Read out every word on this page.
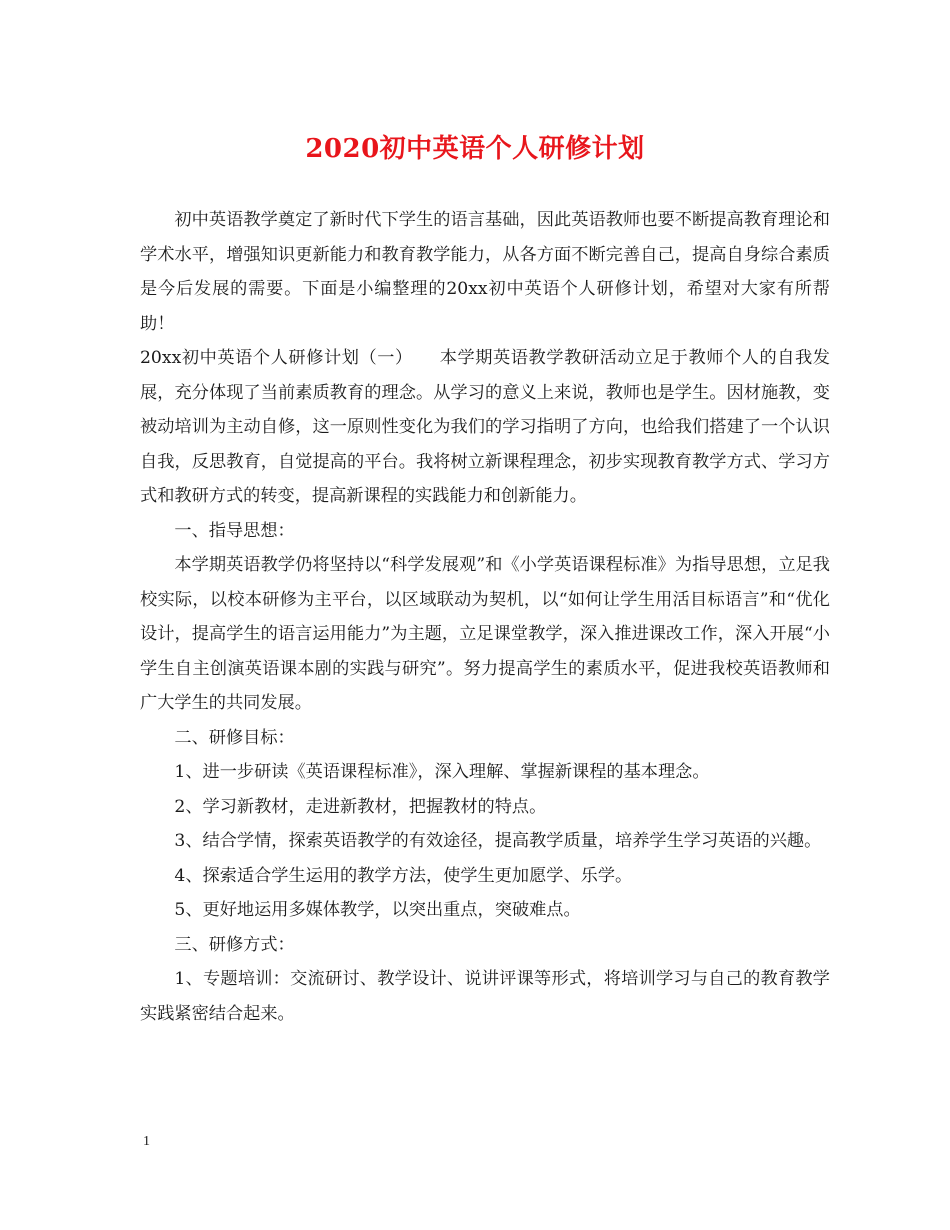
2020初中英语个人研修计划

初中英语教学奠定了新时代下学生的语言基础，因此英语教师也要不断提高教育理论和学术水平，增强知识更新能力和教育教学能力，从各方面不断完善自己，提高自身综合素质是今后发展的需要。下面是小编整理的20xx初中英语个人研修计划，希望对大家有所帮助！

20xx初中英语个人研修计划（一）　　本学期英语教学教研活动立足于教师个人的自我发展，充分体现了当前素质教育的理念。从学习的意义上来说，教师也是学生。因材施教，变被动培训为主动自修，这一原则性变化为我们的学习指明了方向，也给我们搭建了一个认识自我，反思教育，自觉提高的平台。我将树立新课程理念，初步实现教育教学方式、学习方式和教研方式的转变，提高新课程的实践能力和创新能力。

一、指导思想：

本学期英语教学仍将坚持以“科学发展观”和《小学英语课程标准》为指导思想，立足我校实际，以校本研修为主平台，以区域联动为契机，以“如何让学生用活目标语言”和“优化设计，提高学生的语言运用能力”为主题，立足课堂教学，深入推进课改工作，深入开展“小学生自主创演英语课本剧的实践与研究”。努力提高学生的素质水平，促进我校英语教师和广大学生的共同发展。

二、研修目标：

1、进一步研读《英语课程标准》，深入理解、掌握新课程的基本理念。

2、学习新教材，走进新教材，把握教材的特点。

3、结合学情，探索英语教学的有效途径，提高教学质量，培养学生学习英语的兴趣。

4、探索适合学生运用的教学方法，使学生更加愿学、乐学。

5、更好地运用多媒体教学，以突出重点，突破难点。

三、研修方式：

1、专题培训：交流研讨、教学设计、说讲评课等形式，将培训学习与自己的教育教学实践紧密结合起来。

1
